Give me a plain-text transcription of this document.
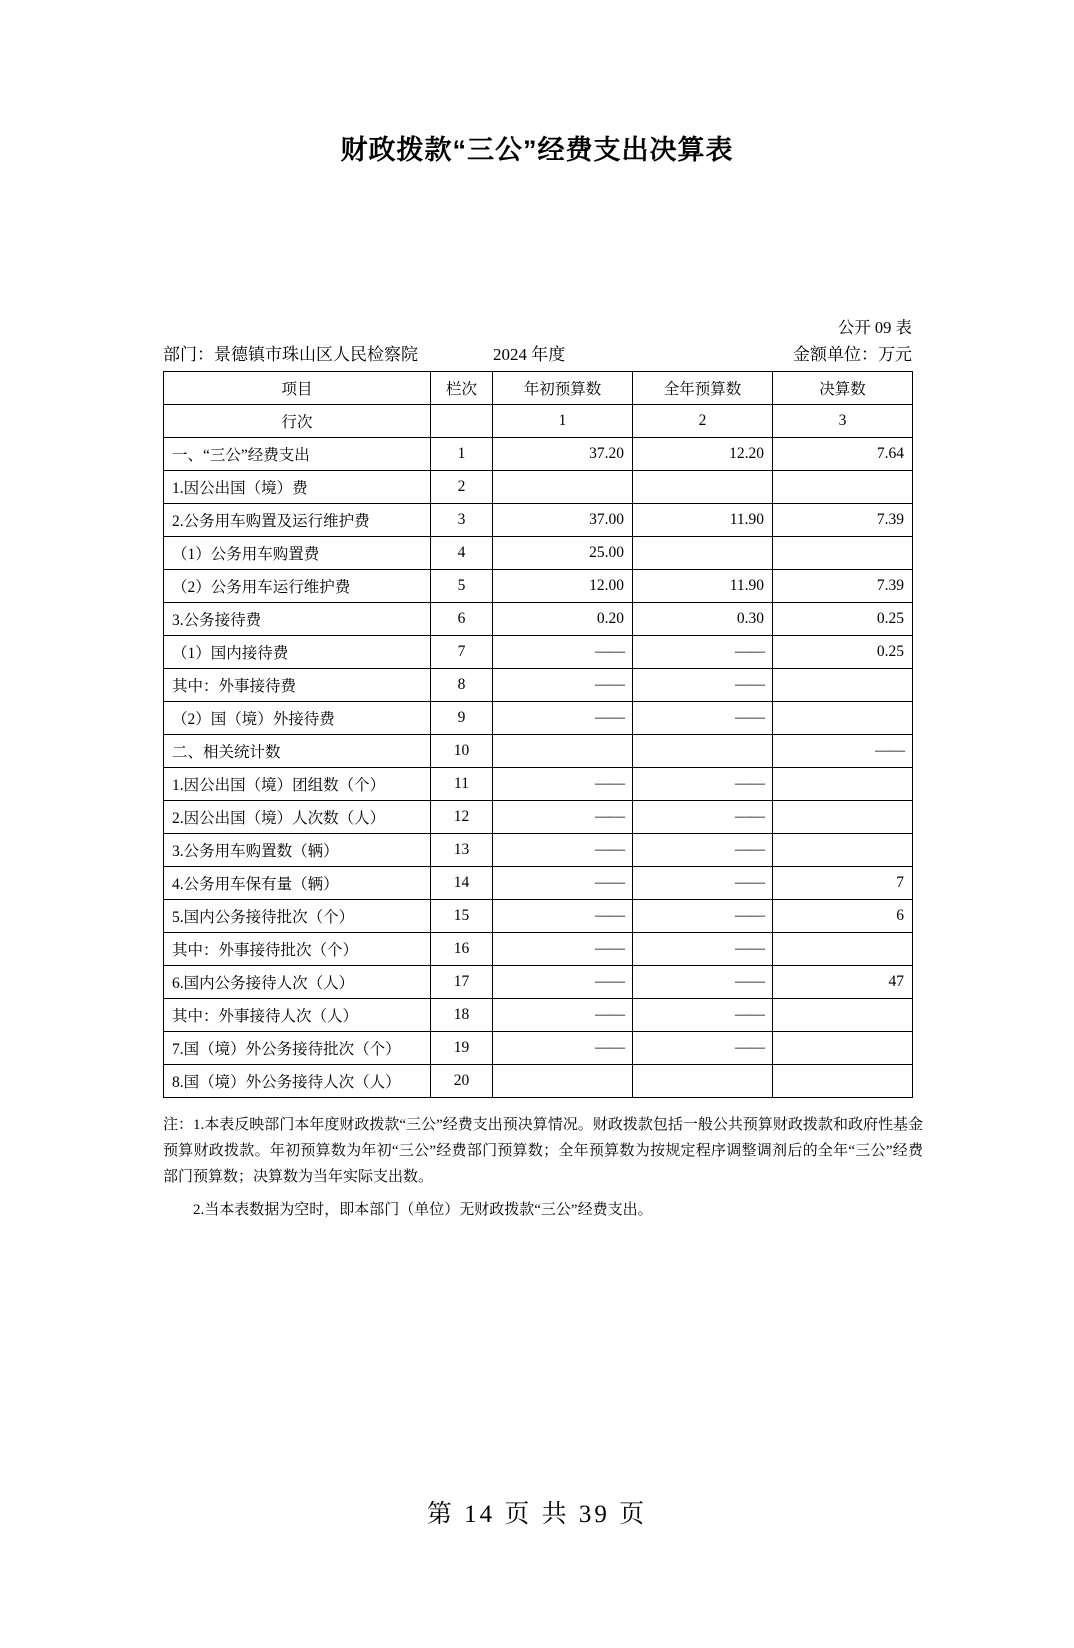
财政拨款“三公”经费支出决算表
公开 09 表
部门：景德镇市珠山区人民检察院	2024 年度	金额单位：万元
项目	栏次	年初预算数	全年预算数	决算数
行次		1	2	3
一、“三公”经费支出	1	37.20	12.20	7.64
1.因公出国（境）费	2			
2.公务用车购置及运行维护费	3	37.00	11.90	7.39
（1）公务用车购置费	4	25.00		
（2）公务用车运行维护费	5	12.00	11.90	7.39
3.公务接待费	6	0.20	0.30	0.25
（1）国内接待费	7	——	——	0.25
其中：外事接待费	8	——	——	
（2）国（境）外接待费	9	——	——	
二、相关统计数	10			——
1.因公出国（境）团组数（个）	11	——	——	
2.因公出国（境）人次数（人）	12	——	——	
3.公务用车购置数（辆）	13	——	——	
4.公务用车保有量（辆）	14	——	——	7
5.国内公务接待批次（个）	15	——	——	6
其中：外事接待批次（个）	16	——	——	
6.国内公务接待人次（人）	17	——	——	47
其中：外事接待人次（人）	18	——	——	
7.国（境）外公务接待批次（个）	19	——	——	
8.国（境）外公务接待人次（人）	20			

注：1.本表反映部门本年度财政拨款“三公”经费支出预决算情况。财政拨款包括一般公共预算财政拨款和政府性基金预算财政拨款。年初预算数为年初“三公”经费部门预算数；全年预算数为按规定程序调整调剂后的全年“三公”经费部门预算数；决算数为当年实际支出数。

2.当本表数据为空时，即本部门（单位）无财政拨款“三公”经费支出。

第 14 页 共 39 页
